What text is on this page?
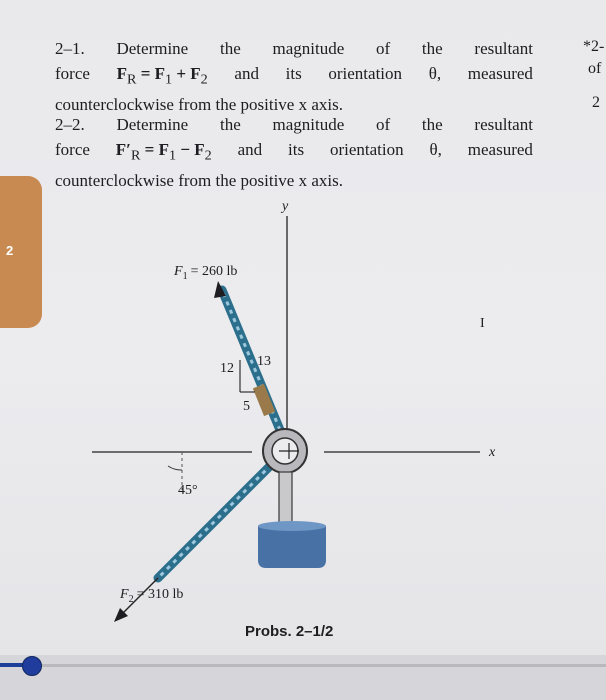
2–1. Determine the magnitude of the resultant
force $F_R = F_1 + F_2$ and its orientation θ, measured
counterclockwise from the positive x axis.
2–2. Determine the magnitude of the resultant
force $F'_R = F_1 - F_2$ and its orientation θ, measured
counterclockwise from the positive x axis.
*2-
of
2
2
y
x
45°
12 13
5
$F_1 = 260$ lb
$F_2 = 310$ lb
I
Probs. 2–1/2
